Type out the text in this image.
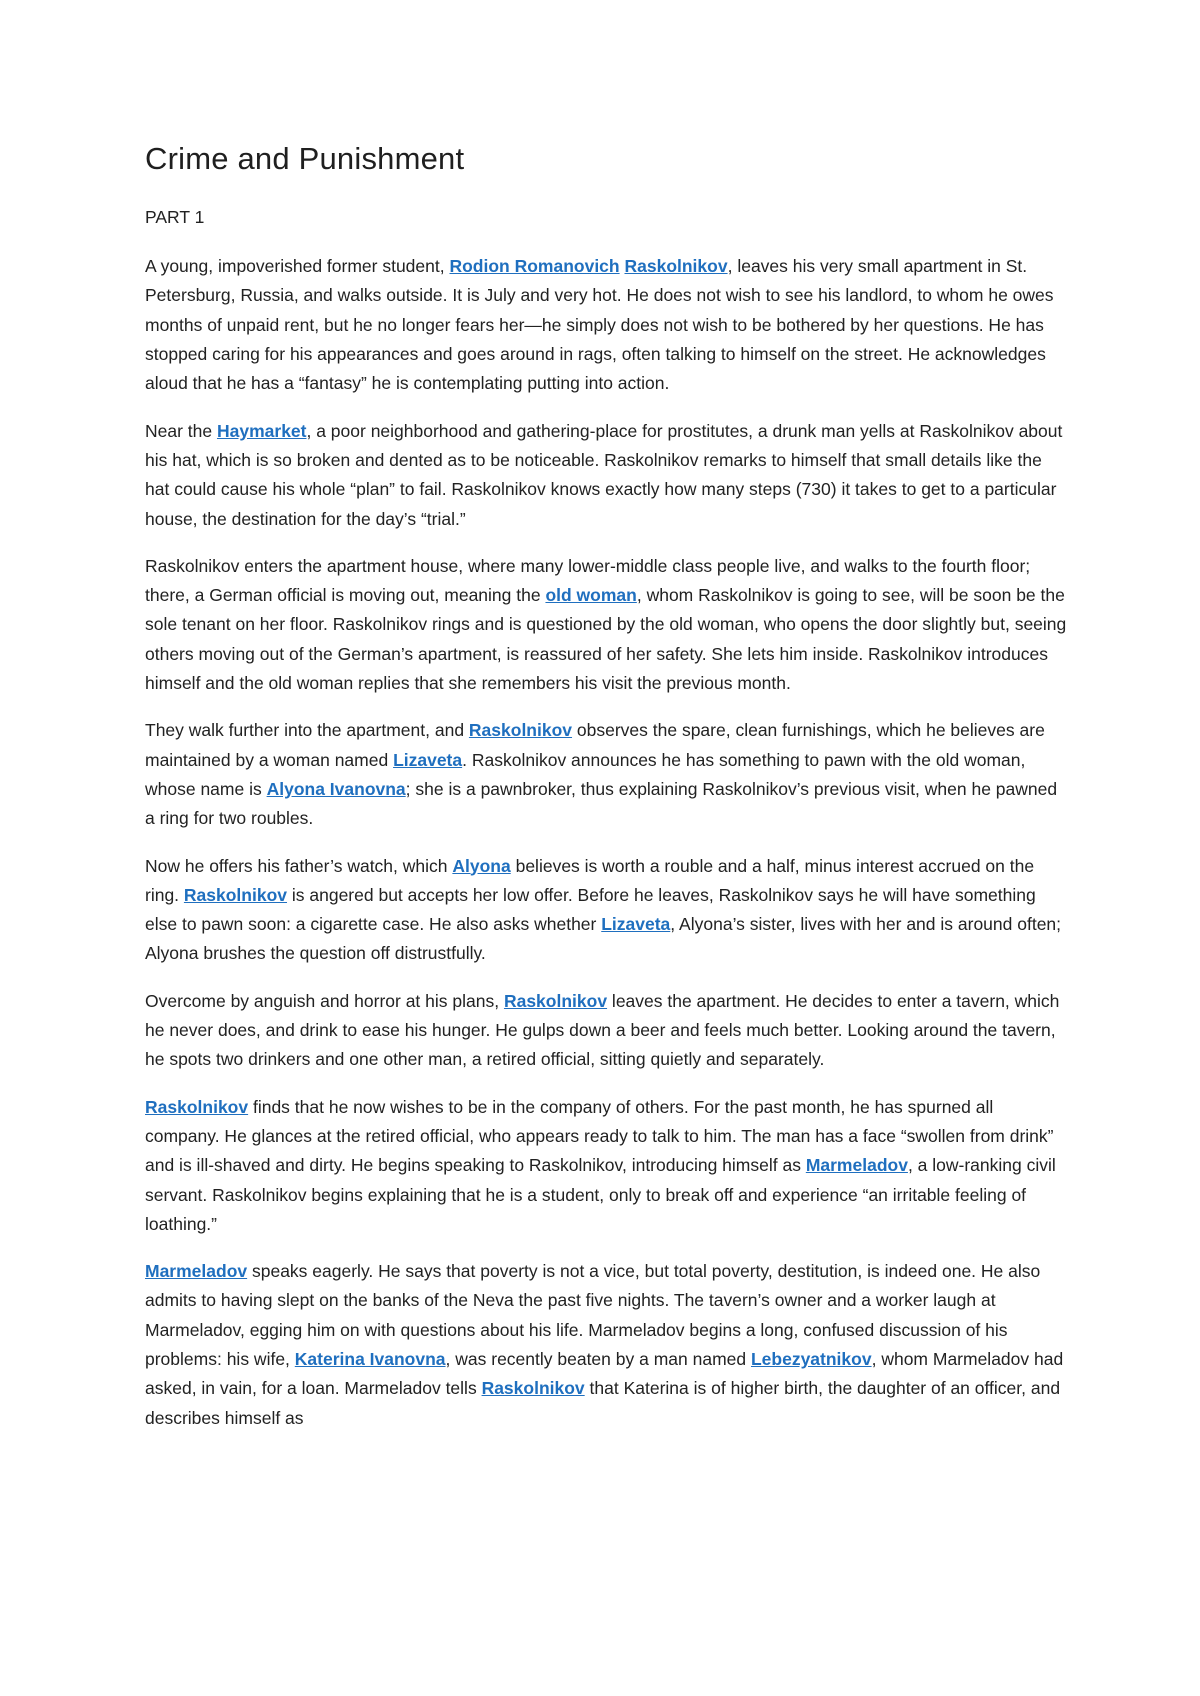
Crime and Punishment
PART 1

A young, impoverished former student, Rodion Romanovich Raskolnikov, leaves his very small apartment in St. Petersburg, Russia, and walks outside. It is July and very hot. He does not wish to see his landlord, to whom he owes months of unpaid rent, but he no longer fears her—he simply does not wish to be bothered by her questions. He has stopped caring for his appearances and goes around in rags, often talking to himself on the street. He acknowledges aloud that he has a “fantasy” he is contemplating putting into action.

Near the Haymarket, a poor neighborhood and gathering-place for prostitutes, a drunk man yells at Raskolnikov about his hat, which is so broken and dented as to be noticeable. Raskolnikov remarks to himself that small details like the hat could cause his whole “plan” to fail. Raskolnikov knows exactly how many steps (730) it takes to get to a particular house, the destination for the day’s “trial.”

Raskolnikov enters the apartment house, where many lower-middle class people live, and walks to the fourth floor; there, a German official is moving out, meaning the old woman, whom Raskolnikov is going to see, will be soon be the sole tenant on her floor. Raskolnikov rings and is questioned by the old woman, who opens the door slightly but, seeing others moving out of the German’s apartment, is reassured of her safety. She lets him inside. Raskolnikov introduces himself and the old woman replies that she remembers his visit the previous month.

They walk further into the apartment, and Raskolnikov observes the spare, clean furnishings, which he believes are maintained by a woman named Lizaveta. Raskolnikov announces he has something to pawn with the old woman, whose name is Alyona Ivanovna; she is a pawnbroker, thus explaining Raskolnikov’s previous visit, when he pawned a ring for two roubles.

Now he offers his father’s watch, which Alyona believes is worth a rouble and a half, minus interest accrued on the ring. Raskolnikov is angered but accepts her low offer. Before he leaves, Raskolnikov says he will have something else to pawn soon: a cigarette case. He also asks whether Lizaveta, Alyona’s sister, lives with her and is around often; Alyona brushes the question off distrustfully.

Overcome by anguish and horror at his plans, Raskolnikov leaves the apartment. He decides to enter a tavern, which he never does, and drink to ease his hunger. He gulps down a beer and feels much better. Looking around the tavern, he spots two drinkers and one other man, a retired official, sitting quietly and separately.

Raskolnikov finds that he now wishes to be in the company of others. For the past month, he has spurned all company. He glances at the retired official, who appears ready to talk to him. The man has a face “swollen from drink” and is ill-shaved and dirty. He begins speaking to Raskolnikov, introducing himself as Marmeladov, a low-ranking civil servant. Raskolnikov begins explaining that he is a student, only to break off and experience “an irritable feeling of loathing.”

Marmeladov speaks eagerly. He says that poverty is not a vice, but total poverty, destitution, is indeed one. He also admits to having slept on the banks of the Neva the past five nights. The tavern’s owner and a worker laugh at Marmeladov, egging him on with questions about his life. Marmeladov begins a long, confused discussion of his problems: his wife, Katerina Ivanovna, was recently beaten by a man named Lebezyatnikov, whom Marmeladov had asked, in vain, for a loan. Marmeladov tells Raskolnikov that Katerina is of higher birth, the daughter of an officer, and describes himself as
